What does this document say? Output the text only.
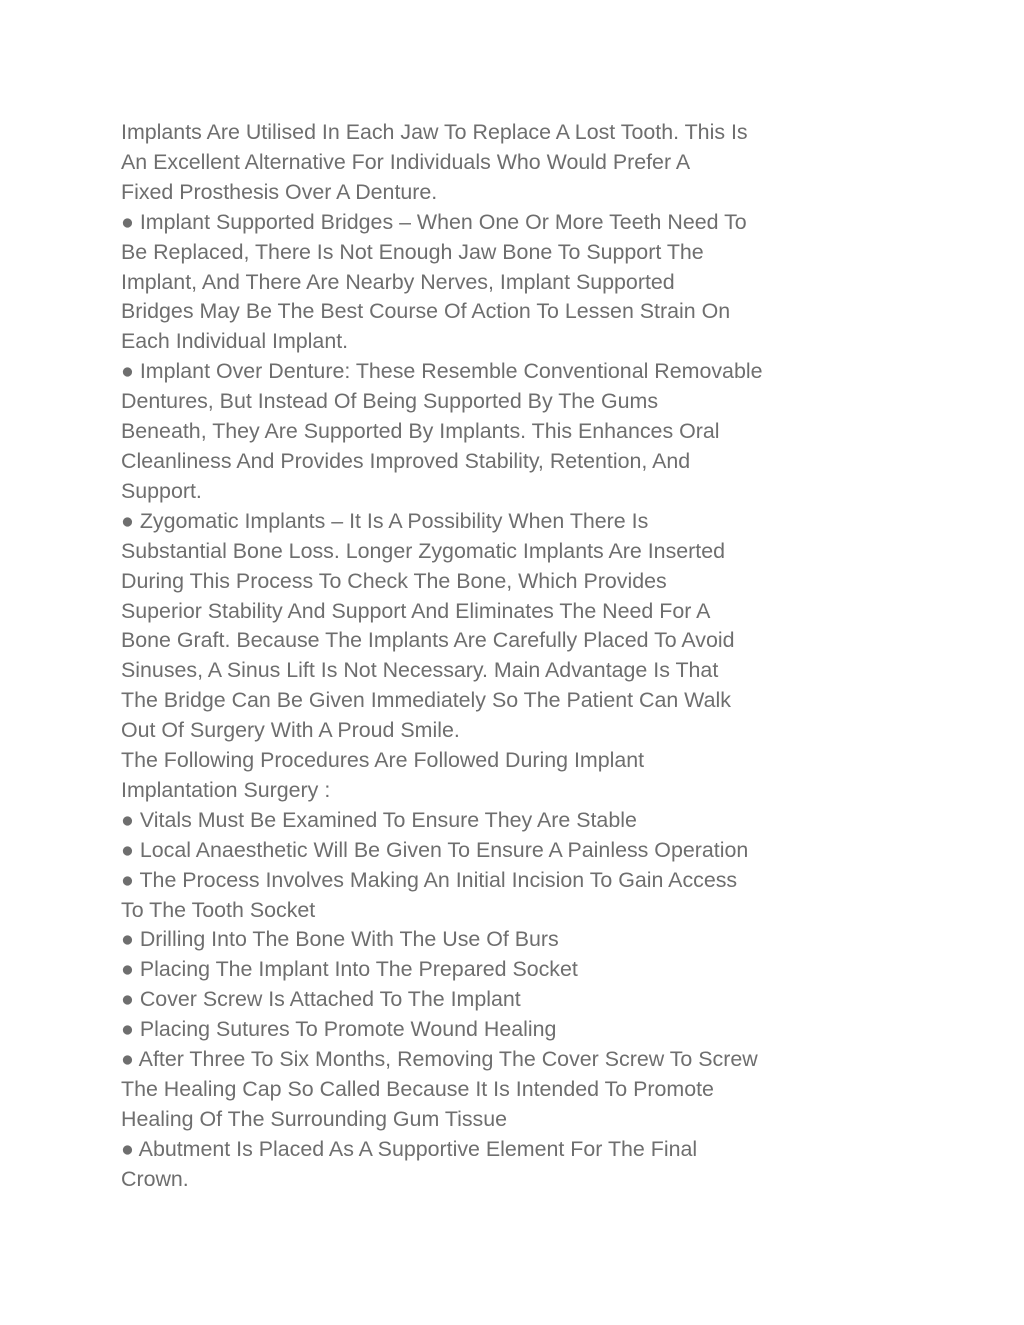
Implants Are Utilised In Each Jaw To Replace A Lost Tooth. This Is
An Excellent Alternative For Individuals Who Would Prefer A
Fixed Prosthesis Over A Denture.
● Implant Supported Bridges – When One Or More Teeth Need To
Be Replaced, There Is Not Enough Jaw Bone To Support The
Implant, And There Are Nearby Nerves, Implant Supported
Bridges May Be The Best Course Of Action To Lessen Strain On
Each Individual Implant.
● Implant Over Denture: These Resemble Conventional Removable
Dentures, But Instead Of Being Supported By The Gums
Beneath, They Are Supported By Implants. This Enhances Oral
Cleanliness And Provides Improved Stability, Retention, And
Support.
● Zygomatic Implants – It Is A Possibility When There Is
Substantial Bone Loss. Longer Zygomatic Implants Are Inserted
During This Process To Check The Bone, Which Provides
Superior Stability And Support And Eliminates The Need For A
Bone Graft. Because The Implants Are Carefully Placed To Avoid
Sinuses, A Sinus Lift Is Not Necessary. Main Advantage Is That
The Bridge Can Be Given Immediately So The Patient Can Walk
Out Of Surgery With A Proud Smile.
The Following Procedures Are Followed During Implant
Implantation Surgery :
● Vitals Must Be Examined To Ensure They Are Stable
● Local Anaesthetic Will Be Given To Ensure A Painless Operation
● The Process Involves Making An Initial Incision To Gain Access
To The Tooth Socket
● Drilling Into The Bone With The Use Of Burs
● Placing The Implant Into The Prepared Socket
● Cover Screw Is Attached To The Implant
● Placing Sutures To Promote Wound Healing
● After Three To Six Months, Removing The Cover Screw To Screw
The Healing Cap So Called Because It Is Intended To Promote
Healing Of The Surrounding Gum Tissue
● Abutment Is Placed As A Supportive Element For The Final
Crown.
